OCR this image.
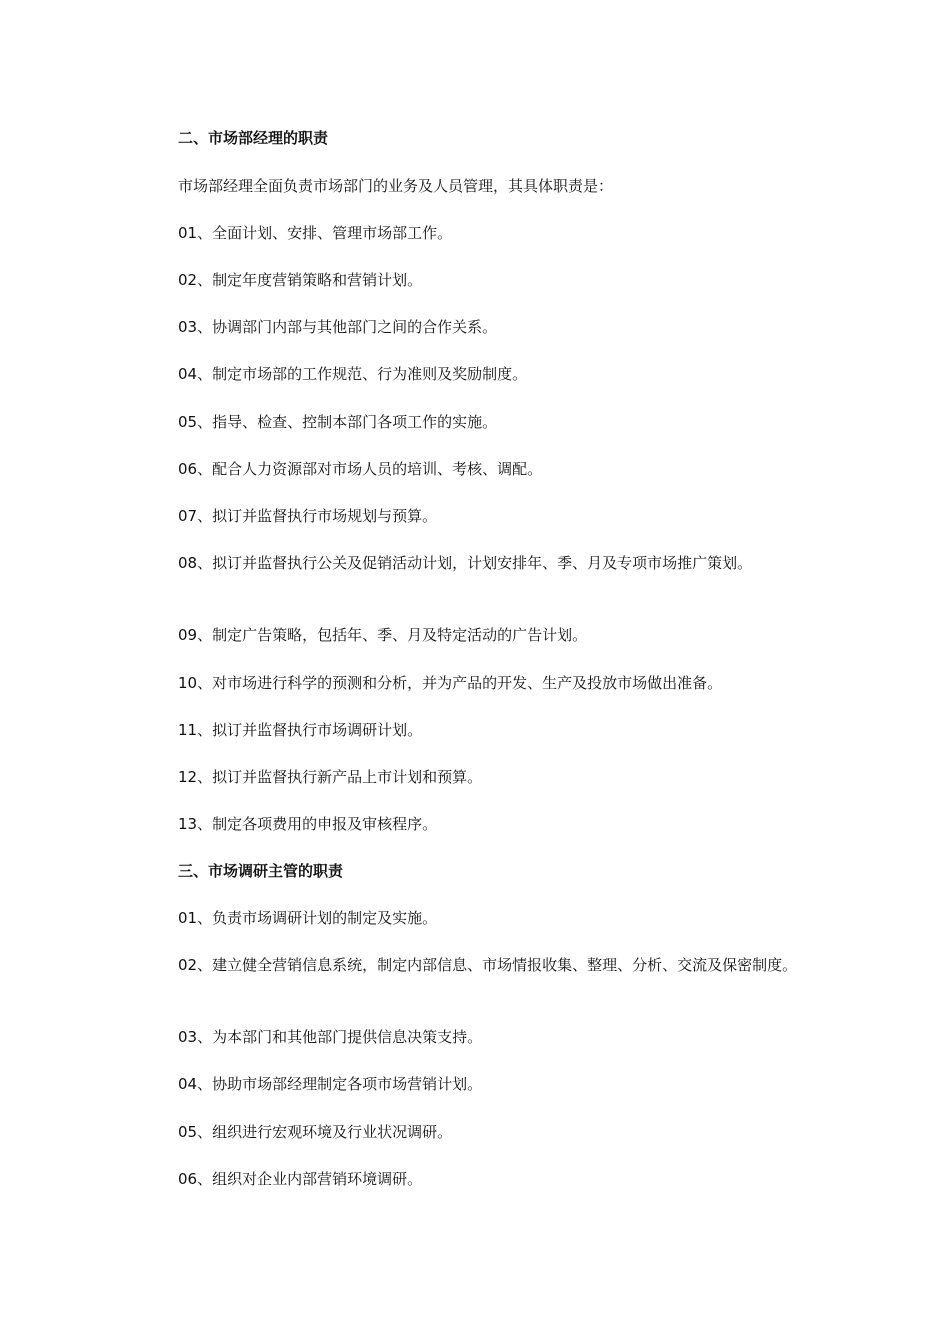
二、市场部经理的职责
市场部经理全面负责市场部门的业务及人员管理，其具体职责是：
01、全面计划、安排、管理市场部工作。
02、制定年度营销策略和营销计划。
03、协调部门内部与其他部门之间的合作关系。
04、制定市场部的工作规范、行为准则及奖励制度。
05、指导、检查、控制本部门各项工作的实施。
06、配合人力资源部对市场人员的培训、考核、调配。
07、拟订并监督执行市场规划与预算。
08、拟订并监督执行公关及促销活动计划，计划安排年、季、月及专项市场推广策划。
09、制定广告策略，包括年、季、月及特定活动的广告计划。
10、对市场进行科学的预测和分析，并为产品的开发、生产及投放市场做出准备。
11、拟订并监督执行市场调研计划。
12、拟订并监督执行新产品上市计划和预算。
13、制定各项费用的申报及审核程序。
三、市场调研主管的职责
01、负责市场调研计划的制定及实施。
02、建立健全营销信息系统，制定内部信息、市场情报收集、整理、分析、交流及保密制度。
03、为本部门和其他部门提供信息决策支持。
04、协助市场部经理制定各项市场营销计划。
05、组织进行宏观环境及行业状况调研。
06、组织对企业内部营销环境调研。
